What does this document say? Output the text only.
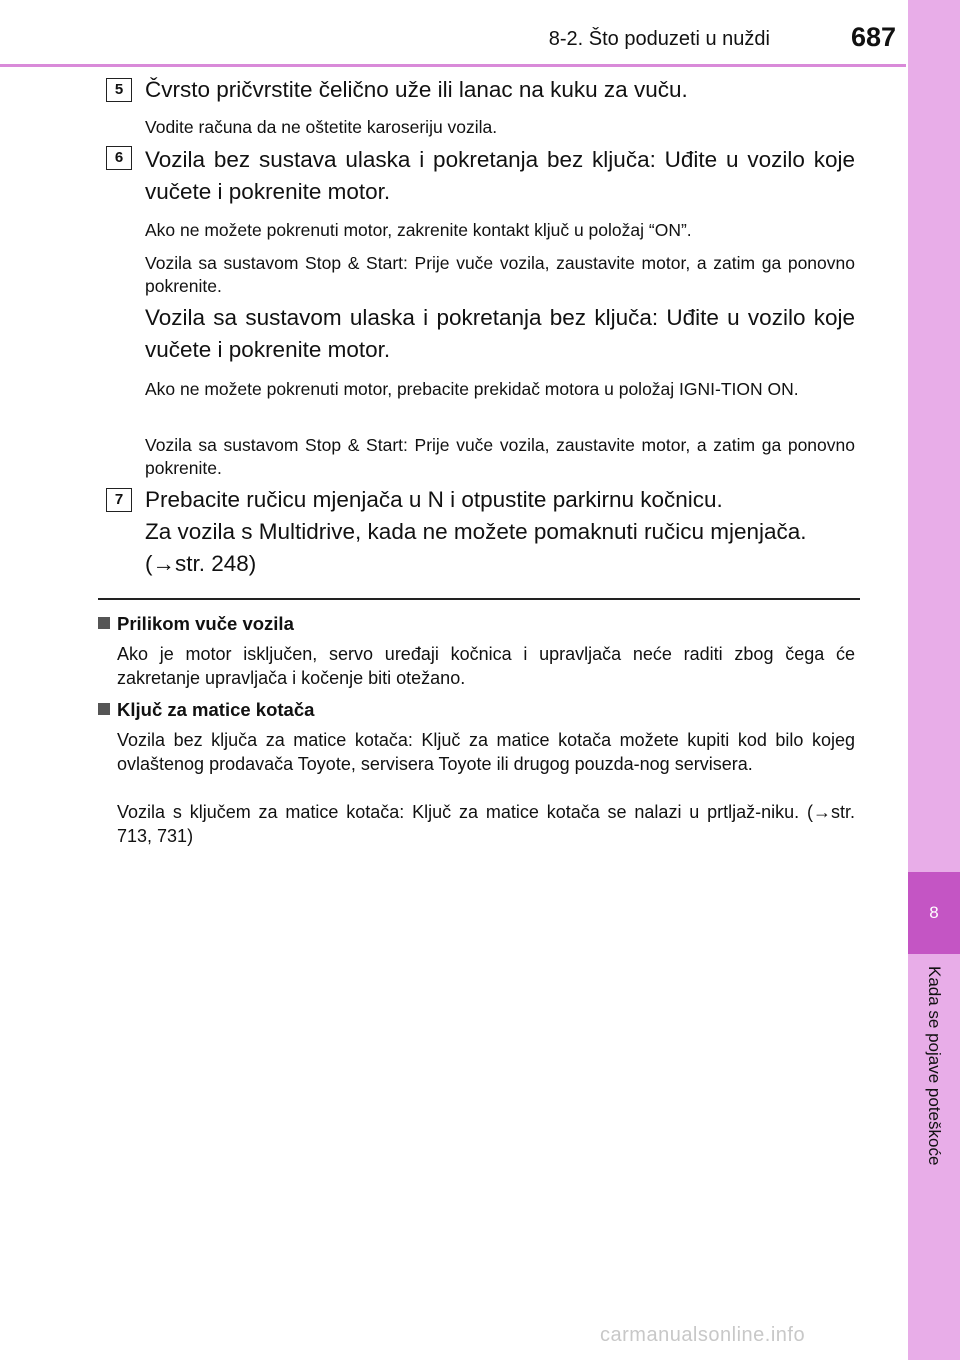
8-2. Što poduzeti u nuždi	687
8
Kada se pojave poteškoće
5 Čvrsto pričvrstite čelično uže ili lanac na kuku za vuču.
Vodite računa da ne oštetite karoseriju vozila.
6 Vozila bez sustava ulaska i pokretanja bez ključa: Uđite u vozilo koje vučete i pokrenite motor.
Ako ne možete pokrenuti motor, zakrenite kontakt ključ u položaj “ON”.
Vozila sa sustavom Stop & Start: Prije vuče vozila, zaustavite motor, a zatim ga ponovno pokrenite.
Vozila sa sustavom ulaska i pokretanja bez ključa: Uđite u vozilo koje vučete i pokrenite motor.
Ako ne možete pokrenuti motor, prebacite prekidač motora u položaj IGNI-TION ON.
Vozila sa sustavom Stop & Start: Prije vuče vozila, zaustavite motor, a zatim ga ponovno pokrenite.
7 Prebacite ručicu mjenjača u N i otpustite parkirnu kočnicu.
Za vozila s Multidrive, kada ne možete pomaknuti ručicu mjenjača.
(→str. 248)
Prilikom vuče vozila
Ako je motor isključen, servo uređaji kočnica i upravljača neće raditi zbog čega će zakretanje upravljača i kočenje biti otežano.
Ključ za matice kotača
Vozila bez ključa za matice kotača: Ključ za matice kotača možete kupiti kod bilo kojeg ovlaštenog prodavača Toyote, servisera Toyote ili drugog pouzda-nog servisera.
Vozila s ključem za matice kotača: Ključ za matice kotača se nalazi u prtljaž-niku. (→str. 713, 731)
carmanualsonline.info
